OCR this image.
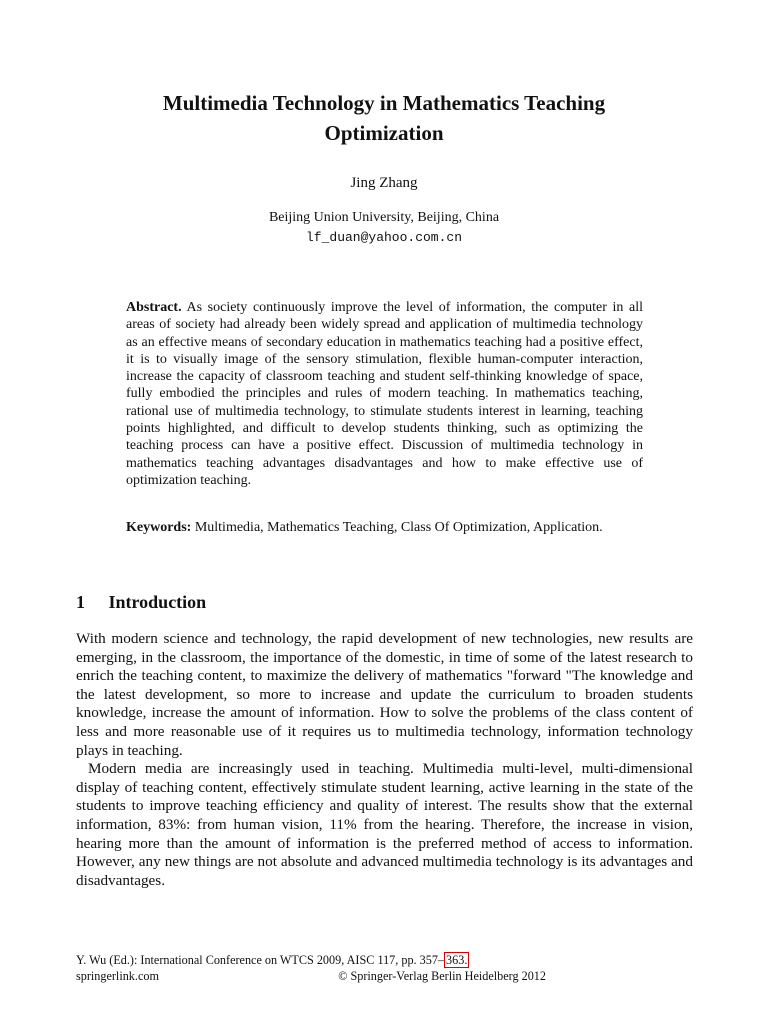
Multimedia Technology in Mathematics Teaching
Optimization
Jing Zhang
Beijing Union University, Beijing, China
lf_duan@yahoo.com.cn
Abstract. As society continuously improve the level of information, the computer in all areas of society had already been widely spread and application of multimedia technology as an effective means of secondary education in mathematics teaching had a positive effect, it is to visually image of the sensory stimulation, flexible human-computer interaction, increase the capacity of classroom teaching and student self-thinking knowledge of space, fully embodied the principles and rules of modern teaching. In mathematics teaching, rational use of multimedia technology, to stimulate students interest in learning, teaching points highlighted, and difficult to develop students thinking, such as optimizing the teaching process can have a positive effect. Discussion of multimedia technology in mathematics teaching advantages disadvantages and how to make effective use of optimization teaching.
Keywords: Multimedia, Mathematics Teaching, Class Of Optimization, Application.
1 Introduction

With modern science and technology, the rapid development of new technologies, new results are emerging, in the classroom, the importance of the domestic, in time of some of the latest research to enrich the teaching content, to maximize the delivery of mathematics "forward "The knowledge and the latest development, so more to increase and update the curriculum to broaden students knowledge, increase the amount of information. How to solve the problems of the class content of less and more reasonable use of it requires us to multimedia technology, information technology plays in teaching.

Modern media are increasingly used in teaching. Multimedia multi-level, multi-dimensional display of teaching content, effectively stimulate student learning, active learning in the state of the students to improve teaching efficiency and quality of interest. The results show that the external information, 83%: from human vision, 11% from the hearing. Therefore, the increase in vision, hearing more than the amount of information is the preferred method of access to information. However, any new things are not absolute and advanced multimedia technology is its advantages and disadvantages.

Y. Wu (Ed.): International Conference on WTCS 2009, AISC 117, pp. 357– 363.
springerlink.com	© Springer-Verlag Berlin Heidelberg 2012
